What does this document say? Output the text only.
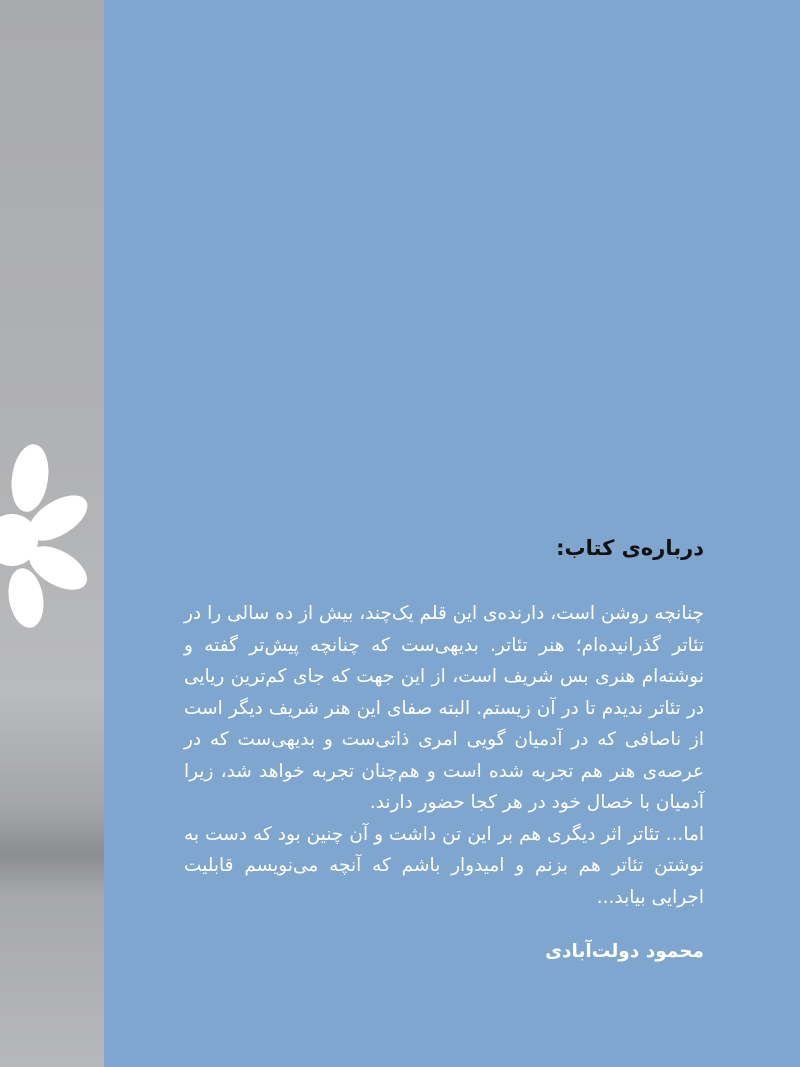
درباره‌ی کتاب:

چنانچه روشن است، دارنده‌ی این قلم یک‌چند، بیش از ده سالی را در تئاتر گذرانیده‌ام؛ هنر تئاتر. بدیهی‌ست که چنانچه پیش‌تر گفته و نوشته‌ام هنری بس شریف است، از این جهت که جای کم‌ترین ریایی در تئاتر ندیدم تا در آن زیستم. البته صفای این هنر شریف دیگر است از ناصافی که در آدمیان گویی امری ذاتی‌ست و بدیهی‌ست که در عرصه‌ی هنر هم تجربه شده است و هم‌چنان تجربه خواهد شد، زیرا آدمیان با خصال خود در هر کجا حضور دارند.

اما... تئاتر اثر دیگری هم بر این تن داشت و آن چنین بود که دست به نوشتن تئاتر هم بزنم و امیدوار باشم که آنچه می‌نویسم قابلیت اجرایی بیابد...

محمود دولت‌آبادی
